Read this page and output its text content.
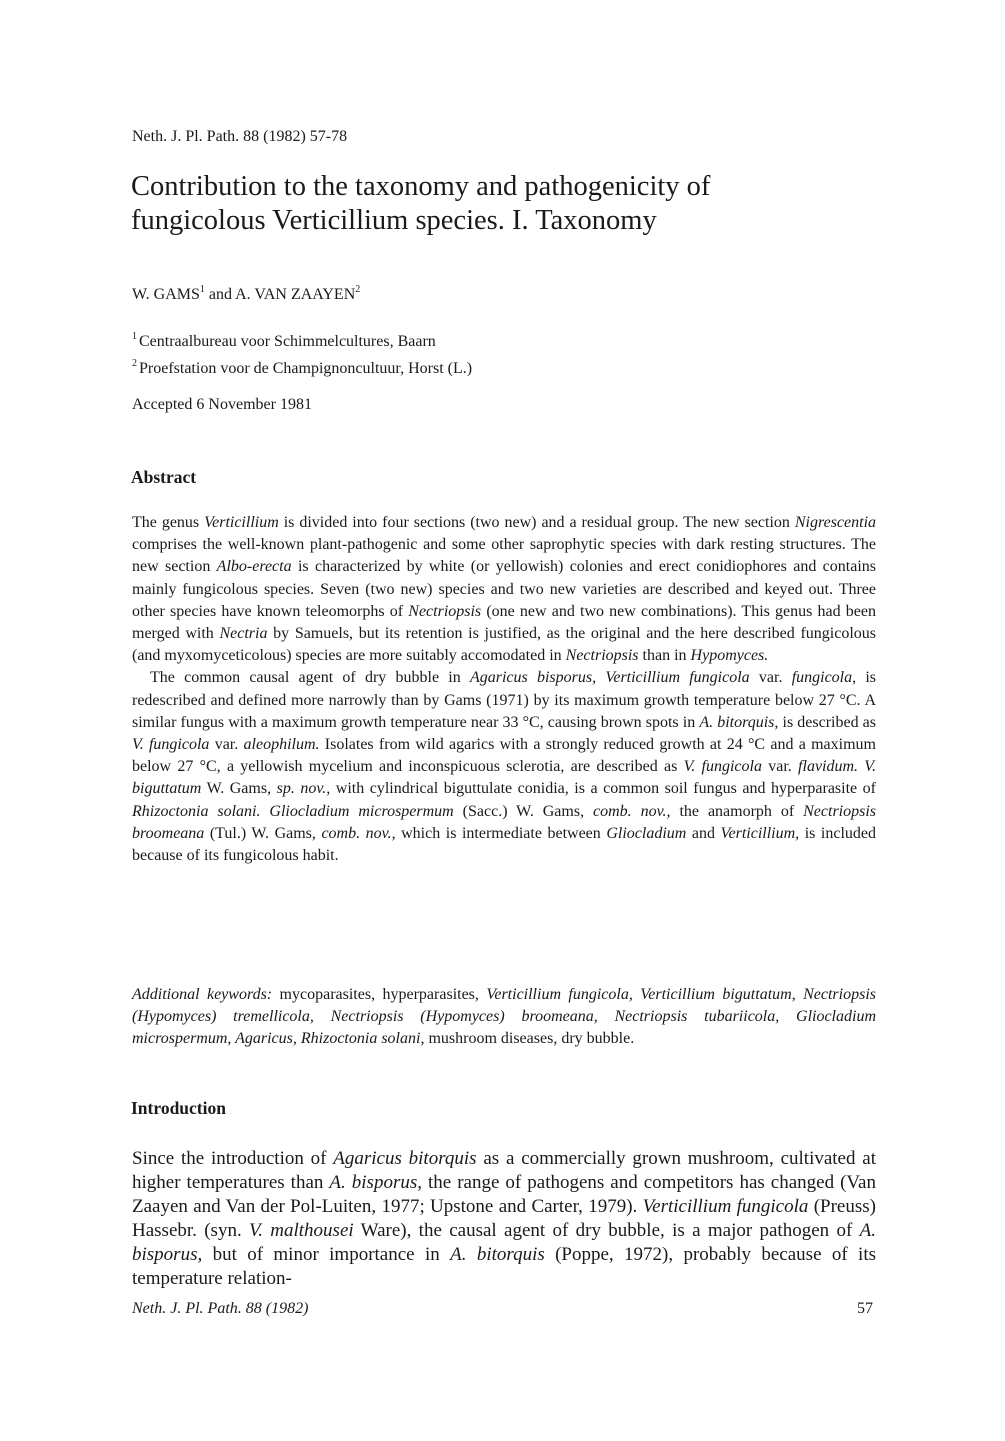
Neth. J. Pl. Path. 88 (1982) 57-78
Contribution to the taxonomy and pathogenicity of
fungicolous Verticillium species. I. Taxonomy
W. GAMS$^1$ and A. VAN ZAAYEN$^2$
$^1$ Centraalbureau voor Schimmelcultures, Baarn
$^2$ Proefstation voor de Champignoncultuur, Horst (L.)
Accepted 6 November 1981
Abstract

The genus Verticillium is divided into four sections (two new) and a residual group. The new section Nigrescentia comprises the well-known plant-pathogenic and some other saprophytic species with dark resting structures. The new section Albo-erecta is characterized by white (or yellowish) colonies and erect conidiophores and contains mainly fungicolous species. Seven (two new) species and two new varieties are described and keyed out. Three other species have known teleomorphs of Nectriopsis (one new and two new combinations). This genus had been merged with Nectria by Samuels, but its retention is justified, as the original and the here described fungicolous (and myxomyceticolous) species are more suitably accomodated in Nectriopsis than in Hypomyces.

The common causal agent of dry bubble in Agaricus bisporus, Verticillium fungicola var. fungicola, is redescribed and defined more narrowly than by Gams (1971) by its maximum growth temperature below 27 °C. A similar fungus with a maximum growth temperature near 33 °C, causing brown spots in A. bitorquis, is described as V. fungicola var. aleophilum. Isolates from wild agarics with a strongly reduced growth at 24 °C and a maximum below 27 °C, a yellowish mycelium and inconspicuous sclerotia, are described as V. fungicola var. flavidum. V. biguttatum W. Gams, sp. nov., with cylindrical biguttulate conidia, is a common soil fungus and hyperparasite of Rhizoctonia solani. Gliocladium microspermum (Sacc.) W. Gams, comb. nov., the anamorph of Nectriopsis broomeana (Tul.) W. Gams, comb. nov., which is intermediate between Gliocladium and Verticillium, is included because of its fungicolous habit.

Additional keywords: mycoparasites, hyperparasites, Verticillium fungicola, Verticillium biguttatum, Nectriopsis (Hypomyces) tremellicola, Nectriopsis (Hypomyces) broomeana, Nectriopsis tubariicola, Gliocladium microspermum, Agaricus, Rhizoctonia solani, mushroom diseases, dry bubble.

Introduction

Since the introduction of Agaricus bitorquis as a commercially grown mushroom, cultivated at higher temperatures than A. bisporus, the range of pathogens and competitors has changed (Van Zaayen and Van der Pol-Luiten, 1977; Upstone and Carter, 1979). Verticillium fungicola (Preuss) Hassebr. (syn. V. malthousei Ware), the causal agent of dry bubble, is a major pathogen of A. bisporus, but of minor importance in A. bitorquis (Poppe, 1972), probably because of its temperature relation-

Neth. J. Pl. Path. 88 (1982)	57
